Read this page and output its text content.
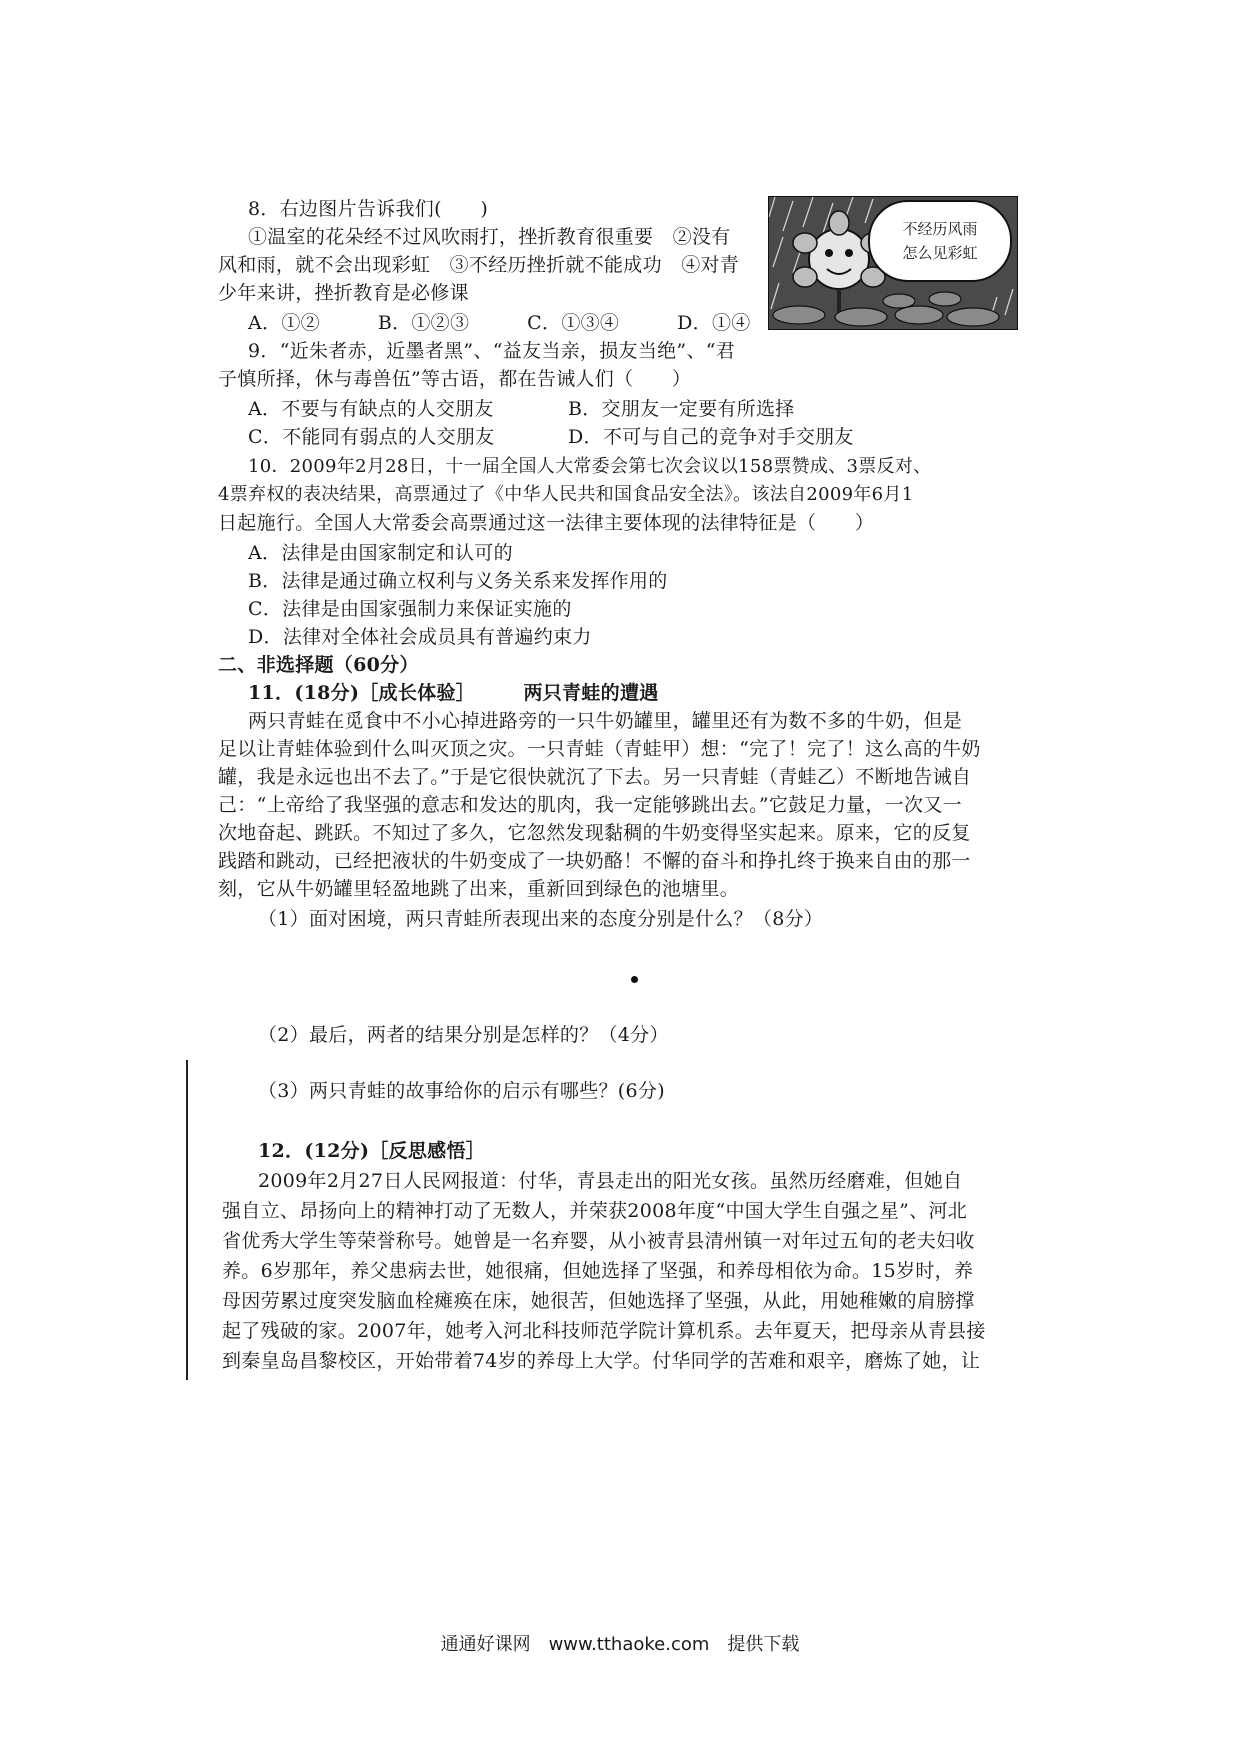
8．右边图片告诉我们(　　)
①温室的花朵经不过风吹雨打，挫折教育很重要　②没有
风和雨，就不会出现彩虹　③不经历挫折就不能成功　④对青
少年来讲，挫折教育是必修课
A．①②　　　B．①②③　　　C．①③④　　　D．①④
不经历风雨
怎么见彩虹
9．“近朱者赤，近墨者黑”、“益友当亲，损友当绝”、“君
子慎所择，休与毒兽伍”等古语，都在告诫人们（　　）
A．不要与有缺点的人交朋友	B．交朋友一定要有所选择
C．不能同有弱点的人交朋友	D．不可与自己的竞争对手交朋友
10．2009年2月28日，十一届全国人大常委会第七次会议以158票赞成、3票反对、
4票弃权的表决结果，高票通过了《中华人民共和国食品安全法》。该法自2009年6月1
日起施行。全国人大常委会高票通过这一法律主要体现的法律特征是（　　）
A．法律是由国家制定和认可的
B．法律是通过确立权利与义务关系来发挥作用的
C．法律是由国家强制力来保证实施的
D．法律对全体社会成员具有普遍约束力
二、非选择题（60分）
11．(18分)［成长体验］　　　两只青蛙的遭遇
两只青蛙在觅食中不小心掉进路旁的一只牛奶罐里，罐里还有为数不多的牛奶，但是
足以让青蛙体验到什么叫灭顶之灾。一只青蛙（青蛙甲）想：“完了！完了！这么高的牛奶
罐，我是永远也出不去了。”于是它很快就沉了下去。另一只青蛙（青蛙乙）不断地告诫自
己：“上帝给了我坚强的意志和发达的肌肉，我一定能够跳出去。”它鼓足力量，一次又一
次地奋起、跳跃。不知过了多久，它忽然发现黏稠的牛奶变得坚实起来。原来，它的反复
践踏和跳动，已经把液状的牛奶变成了一块奶酪！不懈的奋斗和挣扎终于换来自由的那一
刻，它从牛奶罐里轻盈地跳了出来，重新回到绿色的池塘里。
（1）面对困境，两只青蛙所表现出来的态度分别是什么？（8分）
（2）最后，两者的结果分别是怎样的？（4分）
（3）两只青蛙的故事给你的启示有哪些？(6分)
12．(12分)［反思感悟］
2009年2月27日人民网报道：付华，青县走出的阳光女孩。虽然历经磨难，但她自
强自立、昂扬向上的精神打动了无数人，并荣获2008年度“中国大学生自强之星”、河北
省优秀大学生等荣誉称号。她曾是一名弃婴，从小被青县清州镇一对年过五旬的老夫妇收
养。6岁那年，养父患病去世，她很痛，但她选择了坚强，和养母相依为命。15岁时，养
母因劳累过度突发脑血栓瘫痪在床，她很苦，但她选择了坚强，从此，用她稚嫩的肩膀撑
起了残破的家。2007年，她考入河北科技师范学院计算机系。去年夏天，把母亲从青县接
到秦皇岛昌黎校区，开始带着74岁的养母上大学。付华同学的苦难和艰辛，磨炼了她，让
通通好课网　www.tthaoke.com　提供下载
